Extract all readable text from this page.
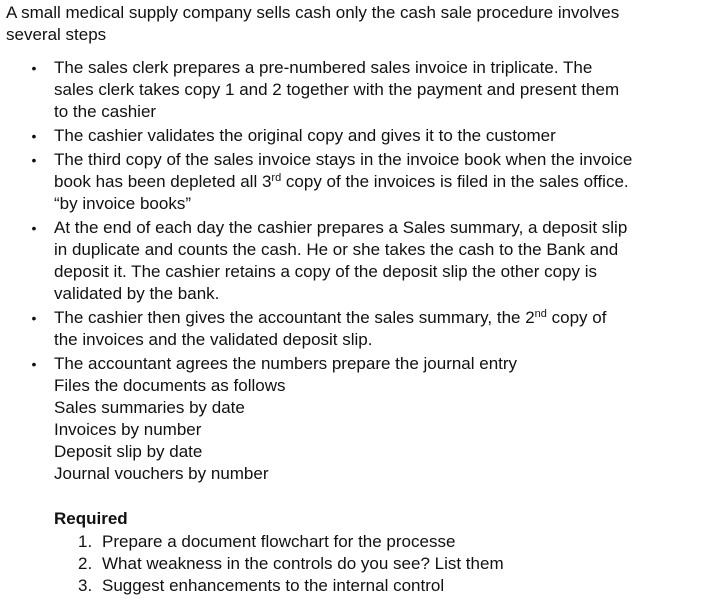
A small medical supply company sells cash only the cash sale procedure involves several steps

• The sales clerk prepares a pre-numbered sales invoice in triplicate. The sales clerk takes copy 1 and 2 together with the payment and present them to the cashier
• The cashier validates the original copy and gives it to the customer
• The third copy of the sales invoice stays in the invoice book when the invoice book has been depleted all 3rd copy of the invoices is filed in the sales office. “by invoice books”
• At the end of each day the cashier prepares a Sales summary, a deposit slip in duplicate and counts the cash. He or she takes the cash to the Bank and deposit it. The cashier retains a copy of the deposit slip the other copy is validated by the bank.
• The cashier then gives the accountant the sales summary, the 2nd copy of the invoices and the validated deposit slip.
• The accountant agrees the numbers prepare the journal entry
Files the documents as follows
Sales summaries by date
Invoices by number
Deposit slip by date
Journal vouchers by number

Required

1. Prepare a document flowchart for the processe
2. What weakness in the controls do you see? List them
3. Suggest enhancements to the internal control
